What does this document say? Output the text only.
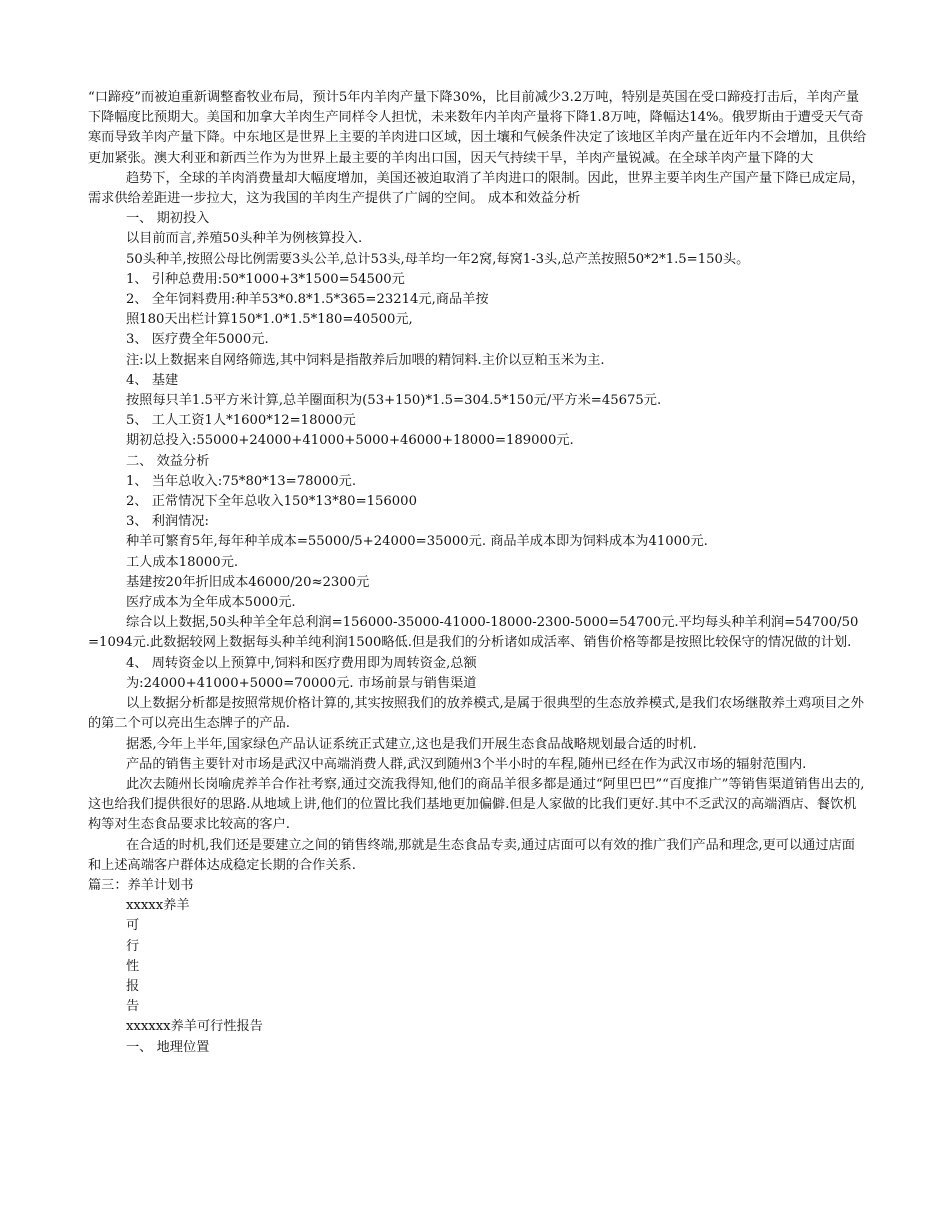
“口蹄疫”而被迫重新调整畜牧业布局，预计5年内羊肉产量下降30%，比目前减少3.2万吨，特别是英国在受口蹄疫打击后，羊肉产量下降幅度比预期大。美国和加拿大羊肉生产同样令人担忧，未来数年内羊肉产量将下降1.8万吨，降幅达14%。俄罗斯由于遭受天气奇寒而导致羊肉产量下降。中东地区是世界上主要的羊肉进口区域，因土壤和气候条件决定了该地区羊肉产量在近年内不会增加，且供给更加紧张。澳大利亚和新西兰作为为世界上最主要的羊肉出口国，因天气持续干旱，羊肉产量锐减。在全球羊肉产量下降的大

趋势下，全球的羊肉消费量却大幅度增加，美国还被迫取消了羊肉进口的限制。因此，世界主要羊肉生产国产量下降已成定局，需求供给差距进一步拉大，这为我国的羊肉生产提供了广阔的空间。 成本和效益分析

一、 期初投入

以目前而言,养殖50头种羊为例核算投入.

50头种羊,按照公母比例需要3头公羊,总计53头,母羊均一年2窝,每窝1-3头,总产羔按照50*2*1.5=150头。

1、 引种总费用:50*1000+3*1500=54500元

2、 全年饲料费用:种羊53*0.8*1.5*365=23214元,商品羊按

照180天出栏计算150*1.0*1.5*180=40500元,

3、 医疗费全年5000元.

注:以上数据来自网络筛选,其中饲料是指散养后加喂的精饲料.主价以豆粕玉米为主.

4、 基建

按照每只羊1.5平方米计算,总羊圈面积为(53+150)*1.5=304.5*150元/平方米=45675元.

5、 工人工资1人*1600*12=18000元

期初总投入:55000+24000+41000+5000+46000+18000=189000元.

二、 效益分析

1、 当年总收入:75*80*13=78000元.

2、 正常情况下全年总收入150*13*80=156000

3、 利润情况:

种羊可繁育5年,每年种羊成本=55000/5+24000=35000元. 商品羊成本即为饲料成本为41000元.

工人成本18000元.

基建按20年折旧成本46000/20≈2300元

医疗成本为全年成本5000元.

综合以上数据,50头种羊全年总利润=156000-35000-41000-18000-2300-5000=54700元.平均每头种羊利润=54700/50=1094元.此数据较网上数据每头种羊纯利润1500略低.但是我们的分析诸如成活率、销售价格等都是按照比较保守的情况做的计划.

4、 周转资金以上预算中,饲料和医疗费用即为周转资金,总额

为:24000+41000+5000=70000元. 市场前景与销售渠道

以上数据分析都是按照常规价格计算的,其实按照我们的放养模式,是属于很典型的生态放养模式,是我们农场继散养土鸡项目之外的第二个可以亮出生态牌子的产品.

据悉,今年上半年,国家绿色产品认证系统正式建立,这也是我们开展生态食品战略规划最合适的时机.

产品的销售主要针对市场是武汉中高端消费人群,武汉到随州3个半小时的车程,随州已经在作为武汉市场的辐射范围内.

此次去随州长岗喻虎养羊合作社考察,通过交流我得知,他们的商品羊很多都是通过“阿里巴巴”“百度推广”等销售渠道销售出去的,这也给我们提供很好的思路.从地域上讲,他们的位置比我们基地更加偏僻.但是人家做的比我们更好.其中不乏武汉的高端酒店、餐饮机构等对生态食品要求比较高的客户.

在合适的时机,我们还是要建立之间的销售终端,那就是生态食品专卖,通过店面可以有效的推广我们产品和理念,更可以通过店面和上述高端客户群体达成稳定长期的合作关系.

篇三：养羊计划书

xxxxx养羊

可

行

性

报

告

xxxxxx养羊可行性报告

一、 地理位置
